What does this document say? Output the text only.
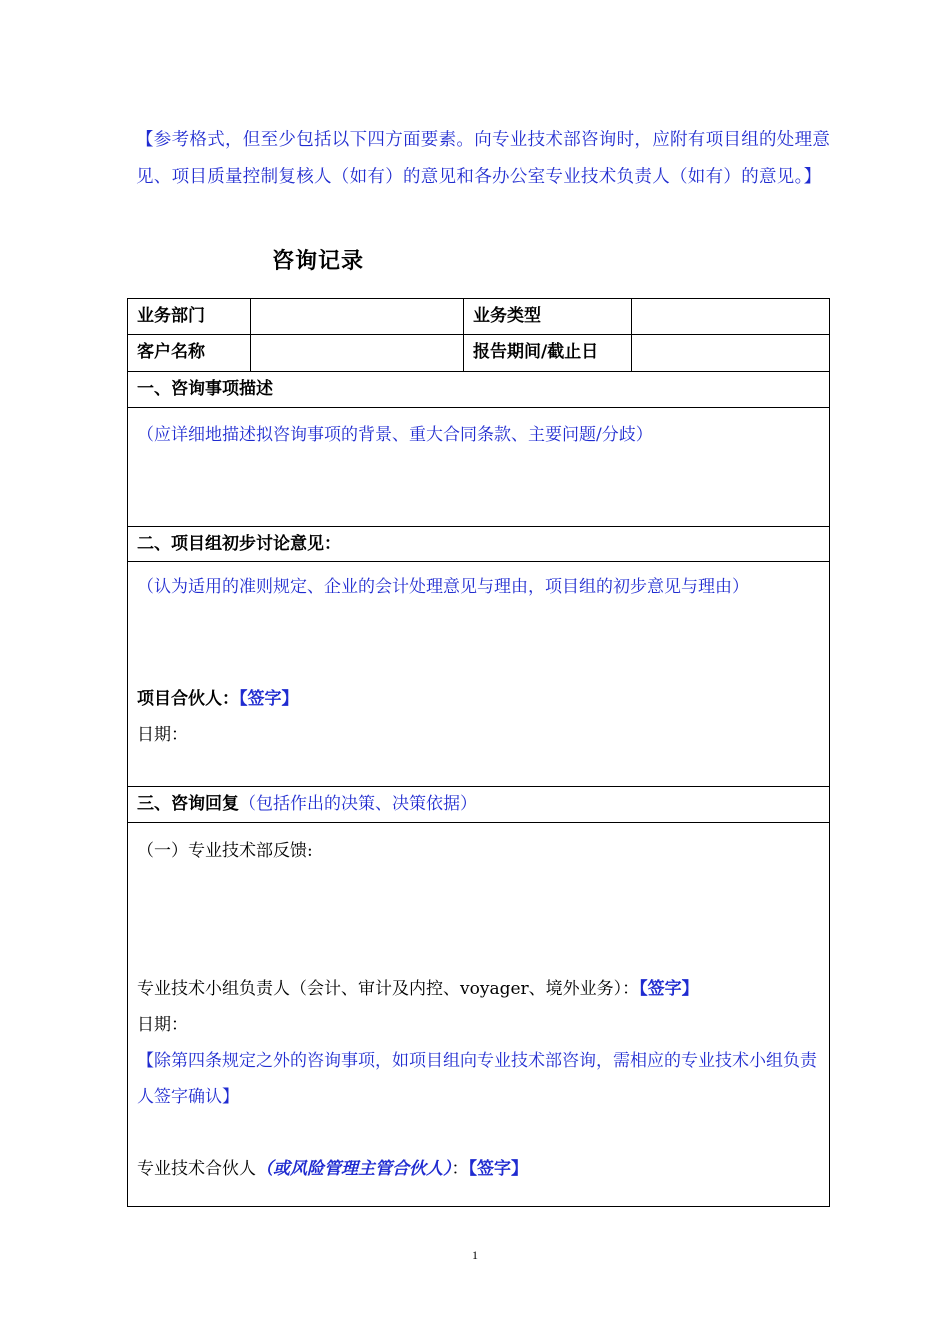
【参考格式，但至少包括以下四方面要素。向专业技术部咨询时，应附有项目组的处理意见、项目质量控制复核人（如有）的意见和各办公室专业技术负责人（如有）的意见。】
咨询记录
业务部门		业务类型	
客户名称		报告期间/截止日	
一、咨询事项描述			
（应详细地描述拟咨询事项的背景、重大合同条款、主要问题/分歧）			
二、项目组初步讨论意见：			

（认为适用的准则规定、企业的会计处理意见与理由，项目组的初步意见与理由）
项目合伙人：【签字】
日期：			

三、咨询回复（包括作出的决策、决策依据）			

（一）专业技术部反馈:
专业技术小组负责人（会计、审计及内控、voyager、境外业务）：【签字】
日期：
【除第四条规定之外的咨询事项，如项目组向专业技术部咨询，需相应的专业技术小组负责人签字确认】
专业技术合伙人（或风险管理主管合伙人）：【签字】			
1
